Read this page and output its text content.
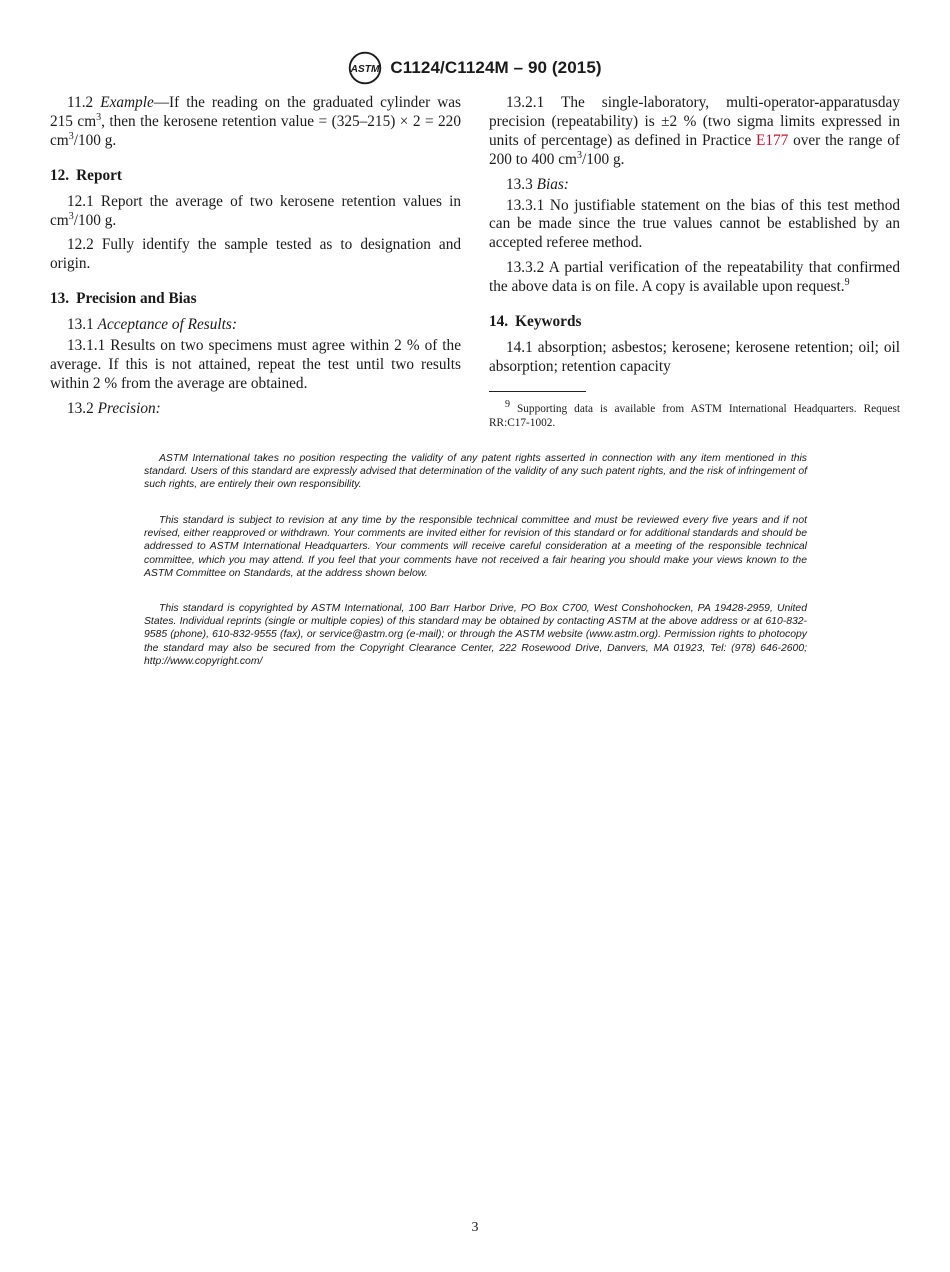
ASTM C1124/C1124M – 90 (2015)

11.2 Example—If the reading on the graduated cylinder was 215 $cm^3$, then the kerosene retention value = (325–215) × 2 = 220 $cm^3/100$ g.

12. Report

12.1 Report the average of two kerosene retention values in $cm^3/100$ g.

12.2 Fully identify the sample tested as to designation and origin.

13. Precision and Bias

13.1 Acceptance of Results:

13.1.1 Results on two specimens must agree within 2 % of the average. If this is not attained, repeat the test until two results within 2 % from the average are obtained.

13.2 Precision:

13.2.1 The single-laboratory, multi-operator-apparatusday precision (repeatability) is ±2 % (two sigma limits expressed in units of percentage) as defined in Practice E177 over the range of 200 to 400 $cm^3/100$ g.

13.3 Bias:

13.3.1 No justifiable statement on the bias of this test method can be made since the true values cannot be established by an accepted referee method.

13.3.2 A partial verification of the repeatability that confirmed the above data is on file. A copy is available upon request.$^9$

14. Keywords

14.1 absorption; asbestos; kerosene; kerosene retention; oil; oil absorption; retention capacity

$^9$ Supporting data is available from ASTM International Headquarters. Request RR:C17-1002.

ASTM International takes no position respecting the validity of any patent rights asserted in connection with any item mentioned in this standard. Users of this standard are expressly advised that determination of the validity of any such patent rights, and the risk of infringement of such rights, are entirely their own responsibility.

This standard is subject to revision at any time by the responsible technical committee and must be reviewed every five years and if not revised, either reapproved or withdrawn. Your comments are invited either for revision of this standard or for additional standards and should be addressed to ASTM International Headquarters. Your comments will receive careful consideration at a meeting of the responsible technical committee, which you may attend. If you feel that your comments have not received a fair hearing you should make your views known to the ASTM Committee on Standards, at the address shown below.

This standard is copyrighted by ASTM International, 100 Barr Harbor Drive, PO Box C700, West Conshohocken, PA 19428-2959, United States. Individual reprints (single or multiple copies) of this standard may be obtained by contacting ASTM at the above address or at 610-832-9585 (phone), 610-832-9555 (fax), or service@astm.org (e-mail); or through the ASTM website (www.astm.org). Permission rights to photocopy the standard may also be secured from the Copyright Clearance Center, 222 Rosewood Drive, Danvers, MA 01923, Tel: (978) 646-2600; http://www.copyright.com/

3
